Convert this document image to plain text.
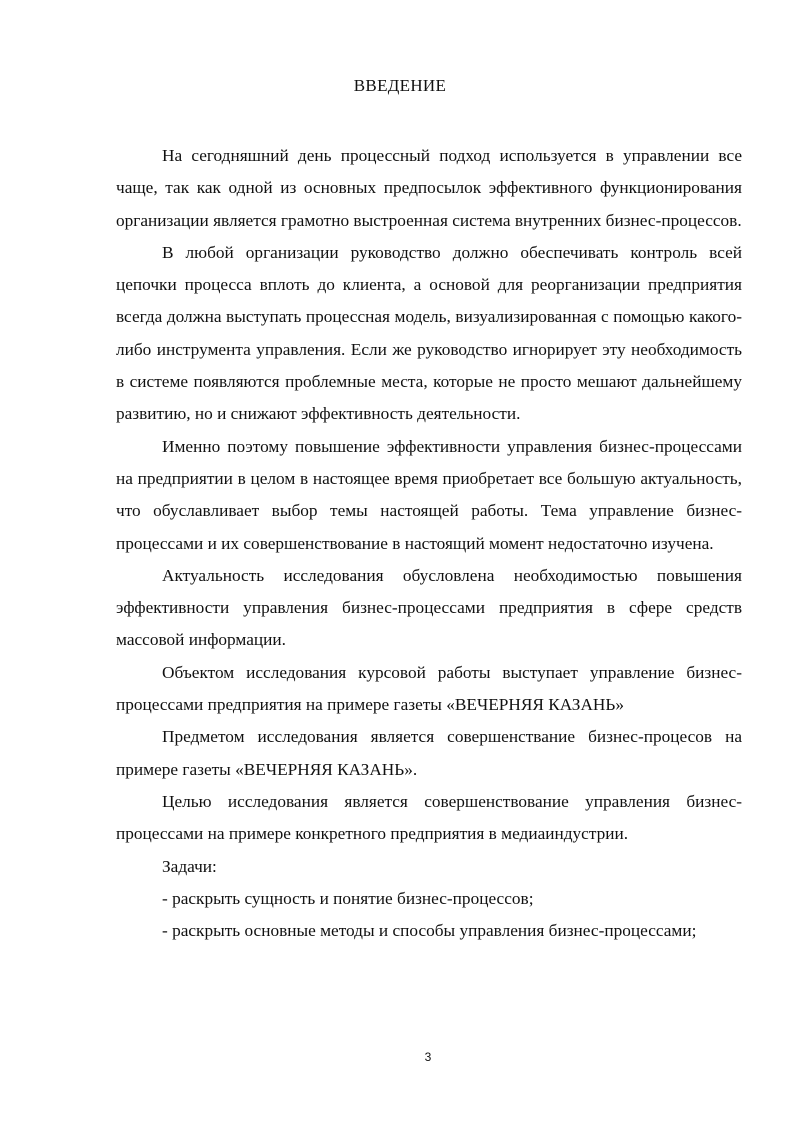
ВВЕДЕНИЕ

На сегодняшний день процессный подход используется в управлении все чаще, так как одной из основных предпосылок эффективного функционирования организации является грамотно выстроенная система внутренних бизнес-процессов.

В любой организации руководство должно обеспечивать контроль всей цепочки процесса вплоть до клиента, а основой для реорганизации предприятия всегда должна выступать процессная модель, визуализированная с помощью какого-либо инструмента управления. Если же руководство игнорирует эту необходимость в системе появляются проблемные места, которые не просто мешают дальнейшему развитию, но и снижают эффективность деятельности.

Именно поэтому повышение эффективности управления бизнес-процессами на предприятии в целом в настоящее время приобретает все большую актуальность, что обуславливает выбор темы настоящей работы. Тема управление бизнес-процессами и их совершенствование в настоящий момент недостаточно изучена.

Актуальность исследования обусловлена необходимостью повышения эффективности управления бизнес-процессами предприятия в сфере средств массовой информации.

Объектом исследования курсовой работы выступает управление бизнес-процессами предприятия на примере газеты «ВЕЧЕРНЯЯ КАЗАНЬ»

Предметом исследования является совершенствание бизнес-процесов на примере газеты «ВЕЧЕРНЯЯ КАЗАНЬ».

Целью исследования является совершенствование управления бизнес-процессами на примере конкретного предприятия в медиаиндустрии.

Задачи:

- раскрыть сущность и понятие бизнес-процессов;

- раскрыть основные методы и способы управления бизнес-процессами;

3
